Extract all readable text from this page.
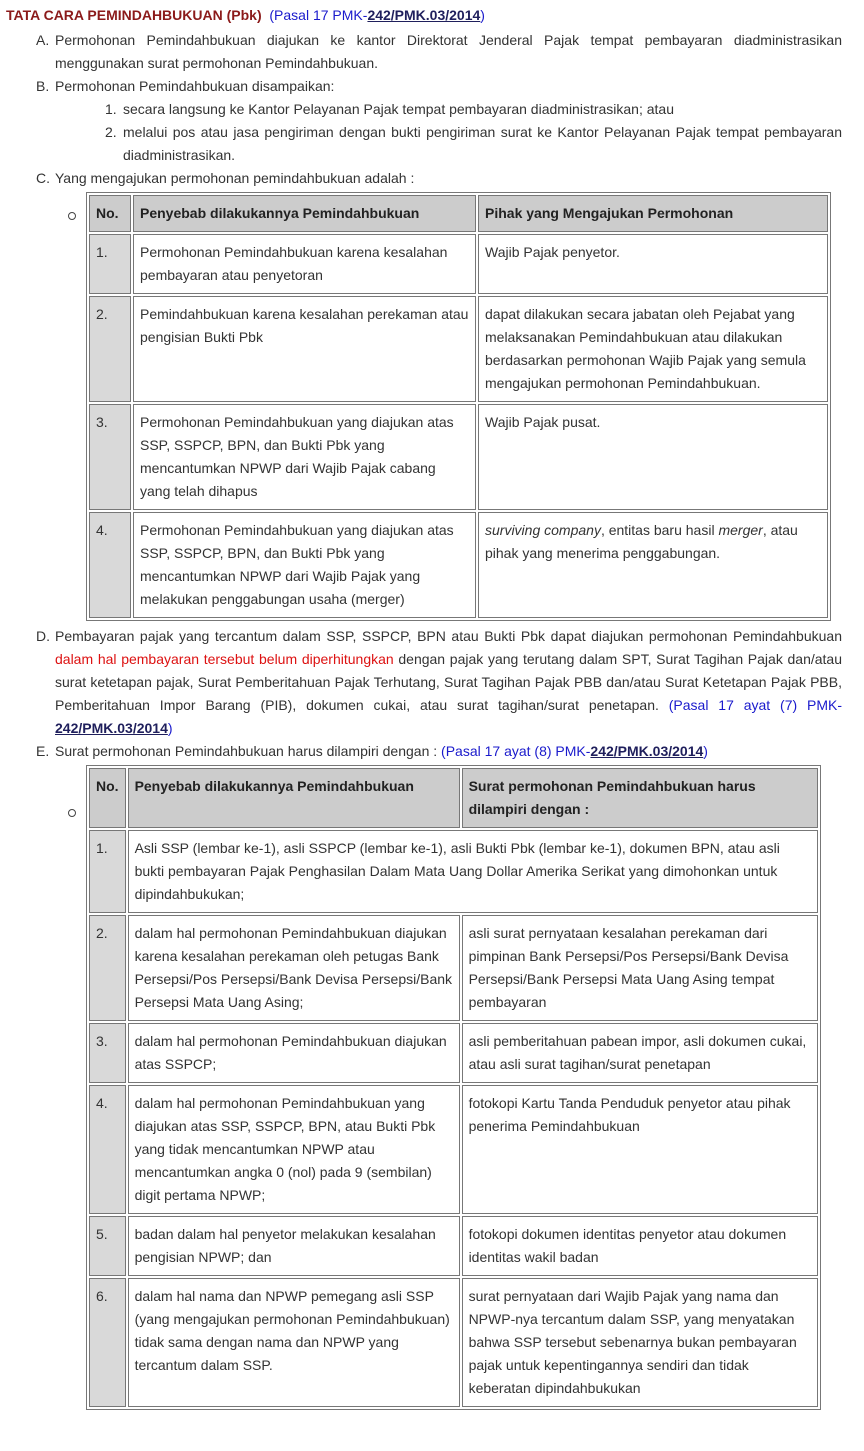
TATA CARA PEMINDAHBUKUAN (Pbk) (Pasal 17 PMK-242/PMK.03/2014)
A. Permohonan Pemindahbukuan diajukan ke kantor Direktorat Jenderal Pajak tempat pembayaran diadministrasikan menggunakan surat permohonan Pemindahbukuan.
B. Permohonan Pemindahbukuan disampaikan:
1. secara langsung ke Kantor Pelayanan Pajak tempat pembayaran diadministrasikan; atau
2. melalui pos atau jasa pengiriman dengan bukti pengiriman surat ke Kantor Pelayanan Pajak tempat pembayaran diadministrasikan.
C. Yang mengajukan permohonan pemindahbukuan adalah :
No.	Penyebab dilakukannya Pemindahbukuan	Pihak yang Mengajukan Permohonan
1.	Permohonan Pemindahbukuan karena kesalahan pembayaran atau penyetoran	Wajib Pajak penyetor.
2.	Pemindahbukuan karena kesalahan perekaman atau pengisian Bukti Pbk	dapat dilakukan secara jabatan oleh Pejabat yang melaksanakan Pemindahbukuan atau dilakukan berdasarkan permohonan Wajib Pajak yang semula mengajukan permohonan Pemindahbukuan.
3.	Permohonan Pemindahbukuan yang diajukan atas SSP, SSPCP, BPN, dan Bukti Pbk yang mencantumkan NPWP dari Wajib Pajak cabang yang telah dihapus	Wajib Pajak pusat.
4.	Permohonan Pemindahbukuan yang diajukan atas SSP, SSPCP, BPN, dan Bukti Pbk yang mencantumkan NPWP dari Wajib Pajak yang melakukan penggabungan usaha (merger)	surviving company, entitas baru hasil merger, atau pihak yang menerima penggabungan.
D. Pembayaran pajak yang tercantum dalam SSP, SSPCP, BPN atau Bukti Pbk dapat diajukan permohonan Pemindahbukuan dalam hal pembayaran tersebut belum diperhitungkan dengan pajak yang terutang dalam SPT, Surat Tagihan Pajak dan/atau surat ketetapan pajak, Surat Pemberitahuan Pajak Terhutang, Surat Tagihan Pajak PBB dan/atau Surat Ketetapan Pajak PBB, Pemberitahuan Impor Barang (PIB), dokumen cukai, atau surat tagihan/surat penetapan. (Pasal 17 ayat (7) PMK-242/PMK.03/2014)
E. Surat permohonan Pemindahbukuan harus dilampiri dengan : (Pasal 17 ayat (8) PMK-242/PMK.03/2014)
No.	Penyebab dilakukannya Pemindahbukuan	Surat permohonan Pemindahbukuan harus dilampiri dengan :
1.	Asli SSP (lembar ke-1), asli SSPCP (lembar ke-1), asli Bukti Pbk (lembar ke-1), dokumen BPN, atau asli bukti pembayaran Pajak Penghasilan Dalam Mata Uang Dollar Amerika Serikat yang dimohonkan untuk dipindahbukukan;	
2.	dalam hal permohonan Pemindahbukuan diajukan karena kesalahan perekaman oleh petugas Bank Persepsi/Pos Persepsi/Bank Devisa Persepsi/Bank Persepsi Mata Uang Asing;	asli surat pernyataan kesalahan perekaman dari pimpinan Bank Persepsi/Pos Persepsi/Bank Devisa Persepsi/Bank Persepsi Mata Uang Asing tempat pembayaran
3.	dalam hal permohonan Pemindahbukuan diajukan atas SSPCP;	asli pemberitahuan pabean impor, asli dokumen cukai, atau asli surat tagihan/surat penetapan
4.	dalam hal permohonan Pemindahbukuan yang diajukan atas SSP, SSPCP, BPN, atau Bukti Pbk yang tidak mencantumkan NPWP atau mencantumkan angka 0 (nol) pada 9 (sembilan) digit pertama NPWP;	fotokopi Kartu Tanda Penduduk penyetor atau pihak penerima Pemindahbukuan
5.	badan dalam hal penyetor melakukan kesalahan pengisian NPWP; dan	fotokopi dokumen identitas penyetor atau dokumen identitas wakil badan
6.	dalam hal nama dan NPWP pemegang asli SSP (yang mengajukan permohonan Pemindahbukuan) tidak sama dengan nama dan NPWP yang tercantum dalam SSP.	surat pernyataan dari Wajib Pajak yang nama dan NPWP-nya tercantum dalam SSP, yang menyatakan bahwa SSP tersebut sebenarnya bukan pembayaran pajak untuk kepentingannya sendiri dan tidak keberatan dipindahbukukan
